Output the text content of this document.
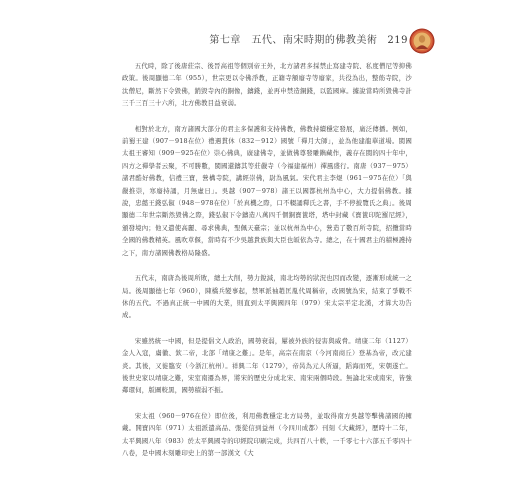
第七章　五代、南宋時期的佛教美術 219

五代時，除了後唐莊宗、後晉高祖等個別帝王外，北方諸君多採禁止寫建寺院、私度僧尼等抑佛政策。後周顯德二年（955），世宗更以令佛淨教，正籍寺額廢寺等廢家，共役為出，整飭寺院，沙汰僧尼，斷然下令毀佛，銷毀寺內的銅像，鑄錢，並再申禁造銅錢，以監國庫。據說當時所毀佛寺計三千三百三十六所，北方佛教目益衰弱。

相對於北方，南方諸國大部分的君主多保護和支持佛教，佛教持續穩定發展，廣泛傳播。例如，前蜀王建（907－918在位）禮遇貫休（832－912）國號「禪月大師」，並為他建龍華道場。閩國太祖王審知（909－925在位）崇心佛典，廣建佛寺，並做佛尊發雕鐫藏作，義存在閩的四十年中，四方之禪學者云聚，不可勝數，閩國還鑄其等莊嚴寺（今福建福州）禪風盛行。南唐（937－975）諸君酷好佛教，信禮三寶，營構寺院，講經崇佛，尉為風氣。宋代君主李煜（961－975在位）「與嚴推崇，寒廢持誦，月無虛日」。吳越（907－978）諸王以國都杭州為中心，大力提倡佛教。據說，忠懿王錢弘俶（948－978在位）「於真機之際，口不輟誦釋氏之書，手不停披覽氏之典」。後周顯德二年世宗斷然毀佛之際，錢弘俶下令鑄造八萬四千個銅寶篋塔，塔中封藏《寶篋印陀羅尼經》，頒發境內；他又遣使高麗、尋求佛典，聖佩天臺宗；並以杭州為中心，營造了數百所寺院，招攬當時全國的佛教精英。風吹草偃，當時有不少吳越貴族與大臣也皈依為寺。總之，在十國君主的積極護持之下，南方諸國佛教格局隆盛。

五代末，南唐為後周所敗，總土大削，勢力銳減，南北均勢的狀況也因而改變，逐漸形成統一之局。後周顯德七年（960），陳橋兵變事起，禁軍派袖趙匡胤代周稱帝，改國號為宋，結束了爭戰不休的五代。不過真正統一中國的大業，則直到太平興國四年（979）宋太宗平定北漢，才算大功告成。

宋雖然統一中國，但是提倡文人政治，國勢衰弱，屢被外族的侵害與威脅。靖康二年（1127）金人入寇，虜徽、欽二帝，北部「靖康之難」。是年，高宗在南京（今河南商丘）登基為帝，改元建炎。其後，又徙臨安（今浙江杭州）。祥興二年（1279），帝昺為元人所逼，蹈海而死，宋朝遂亡。後世史家以靖康之難，宋室南遷為界，將宋的歷史分成北宋、南宋兩個時段。無論北宋或南宋，皆強鄰環伺，版圖較黑，國勢積弱不振。

宋太祖（960－976在位）即位後，利用佛教穩定北方局勢，並取得南方吳越等擊佛諸國的擁戴。開寶四年（971）太祖派遣高品、張從信到益州（今四川成都）刊刻《大藏經》，歷時十二年，太平興國八年（983）於太平興國寺的印經院印刷完成，共四百八十帙，一千零七十六部五千零四十八卷，是中國木刻雕印史上的第一部漢文《大
